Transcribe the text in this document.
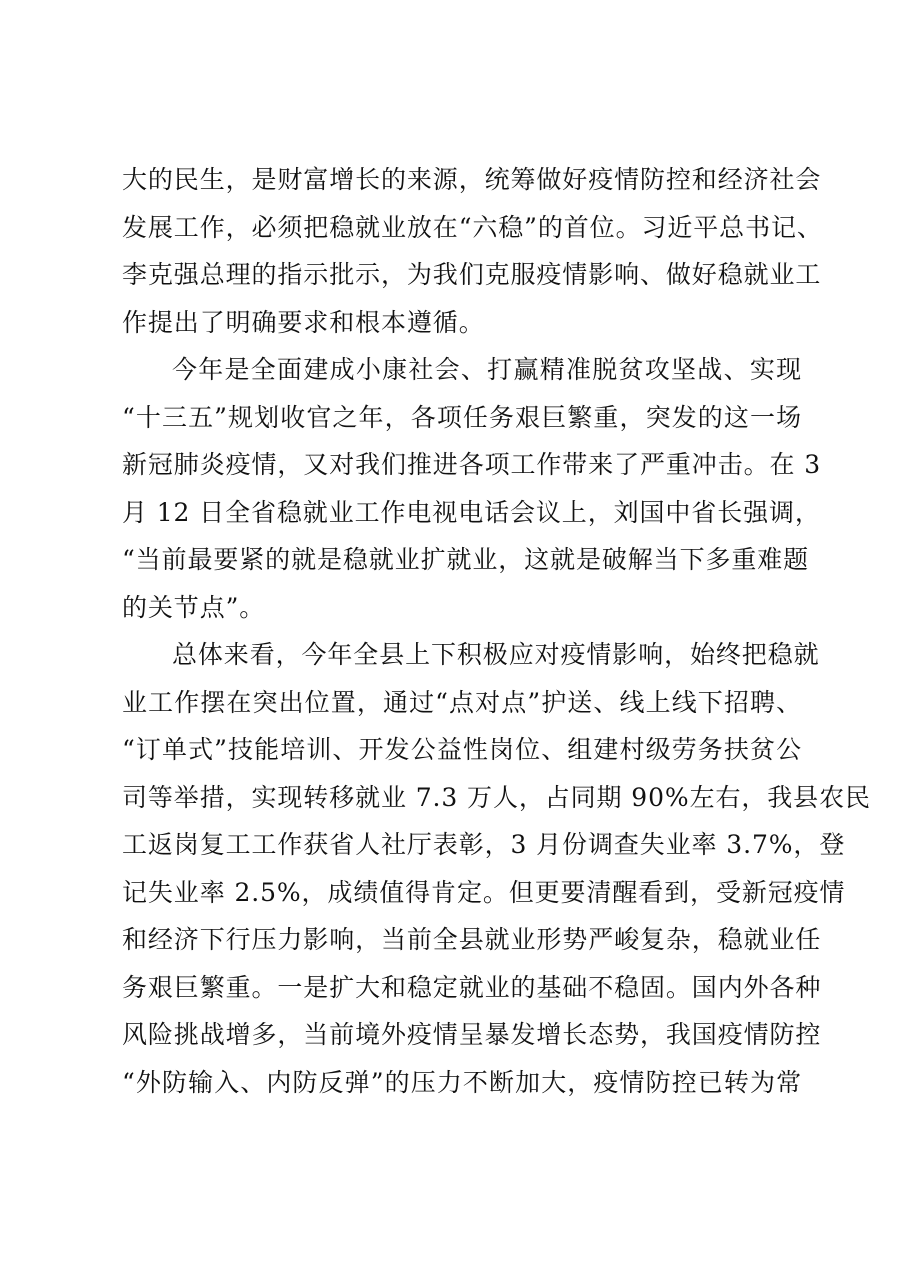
大的民生，是财富增长的来源，统筹做好疫情防控和经济社会
发展工作，必须把稳就业放在“六稳”的首位。习近平总书记、
李克强总理的指示批示，为我们克服疫情影响、做好稳就业工
作提出了明确要求和根本遵循。
今年是全面建成小康社会、打赢精准脱贫攻坚战、实现
“十三五”规划收官之年，各项任务艰巨繁重，突发的这一场
新冠肺炎疫情，又对我们推进各项工作带来了严重冲击。在 3
月 12 日全省稳就业工作电视电话会议上，刘国中省长强调，
“当前最要紧的就是稳就业扩就业，这就是破解当下多重难题
的关节点”。
总体来看，今年全县上下积极应对疫情影响，始终把稳就
业工作摆在突出位置，通过“点对点”护送、线上线下招聘、
“订单式”技能培训、开发公益性岗位、组建村级劳务扶贫公
司等举措，实现转移就业 7.3 万人，占同期 90%左右，我县农民
工返岗复工工作获省人社厅表彰，3 月份调查失业率 3.7%，登
记失业率 2.5%，成绩值得肯定。但更要清醒看到，受新冠疫情
和经济下行压力影响，当前全县就业形势严峻复杂，稳就业任
务艰巨繁重。一是扩大和稳定就业的基础不稳固。国内外各种
风险挑战增多，当前境外疫情呈暴发增长态势，我国疫情防控
“外防输入、内防反弹”的压力不断加大，疫情防控已转为常
